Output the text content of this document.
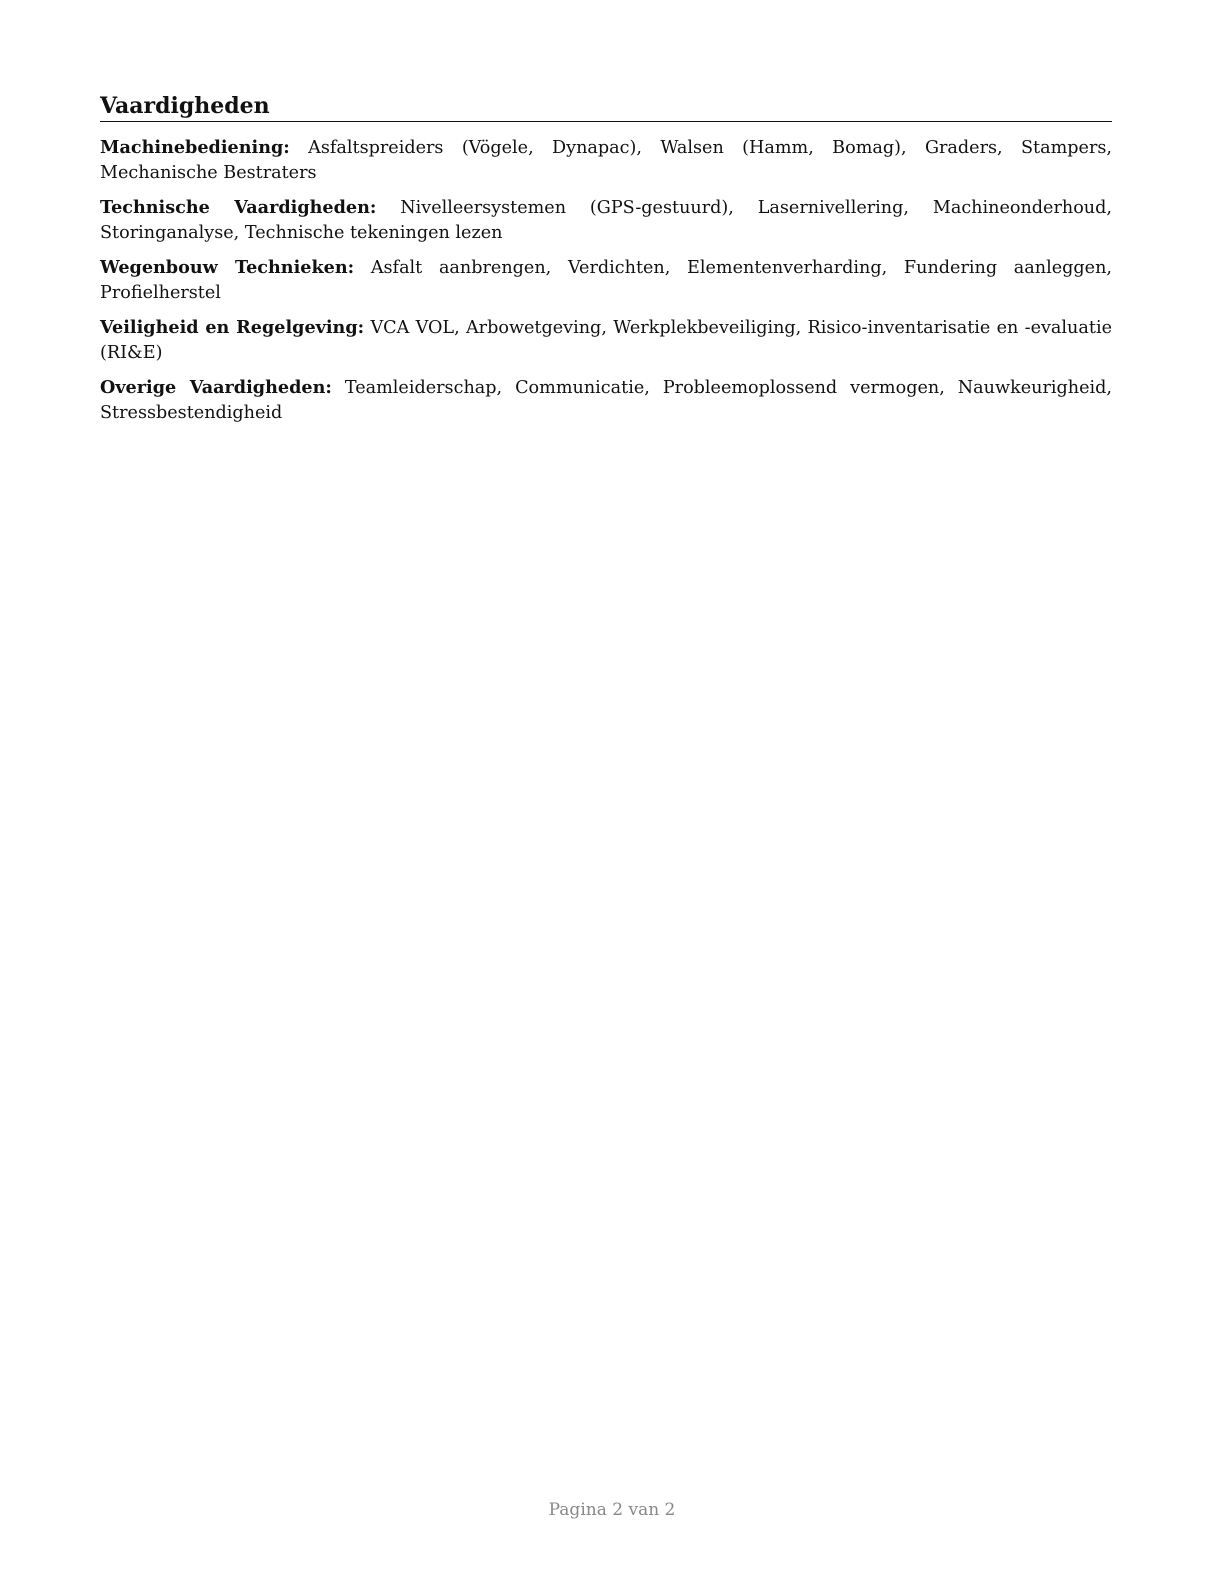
Vaardigheden

Machinebediening: Asfaltspreiders (Vögele, Dynapac), Walsen (Hamm, Bomag), Graders, Stampers, Mechanische Bestraters

Technische Vaardigheden: Nivelleersystemen (GPS-gestuurd), Lasernivellering, Machineonderhoud, Storinganalyse, Technische tekeningen lezen

Wegenbouw Technieken: Asfalt aanbrengen, Verdichten, Elementenverharding, Fundering aanleggen, Profielherstel

Veiligheid en Regelgeving: VCA VOL, Arbowetgeving, Werkplekbeveiliging, Risico-inventarisatie en -evaluatie (RI&E)

Overige Vaardigheden: Teamleiderschap, Communicatie, Probleemoplossend vermogen, Nauwkeurigheid, Stressbestendigheid

Pagina 2 van 2
